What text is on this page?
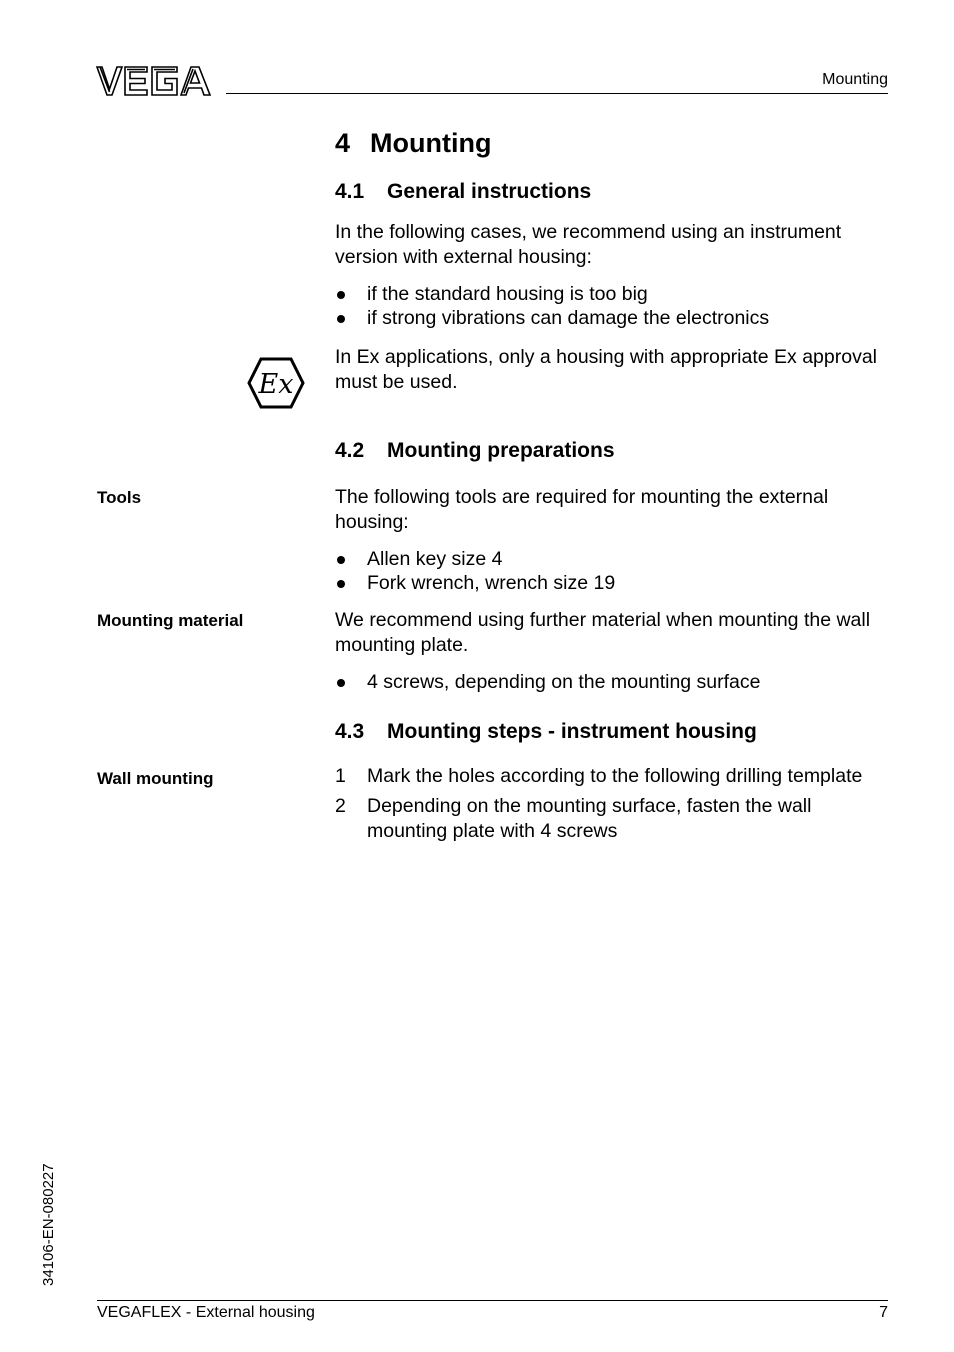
Mounting
4 Mounting
4.1 General instructions

In the following cases, we recommend using an instrument version with external housing:

if the standard housing is too big
if strong vibrations can damage the electronics
Ex

In Ex applications, only a housing with appropriate Ex approval must be used.

4.2 Mounting preparations
Tools	The following tools are required for mounting the external housing:

Allen key size 4
Fork wrench, wrench size 19
Mounting material	We recommend using further material when mounting the wall mounting plate.

4 screws, depending on the mounting surface
4.3 Mounting steps - instrument housing
Wall mounting	1 Mark the holes according to the following drilling template
2 Depending on the mounting surface, fasten the wall mounting plate with 4 screws
34106-EN-080227
VEGAFLEX - External housing	7
